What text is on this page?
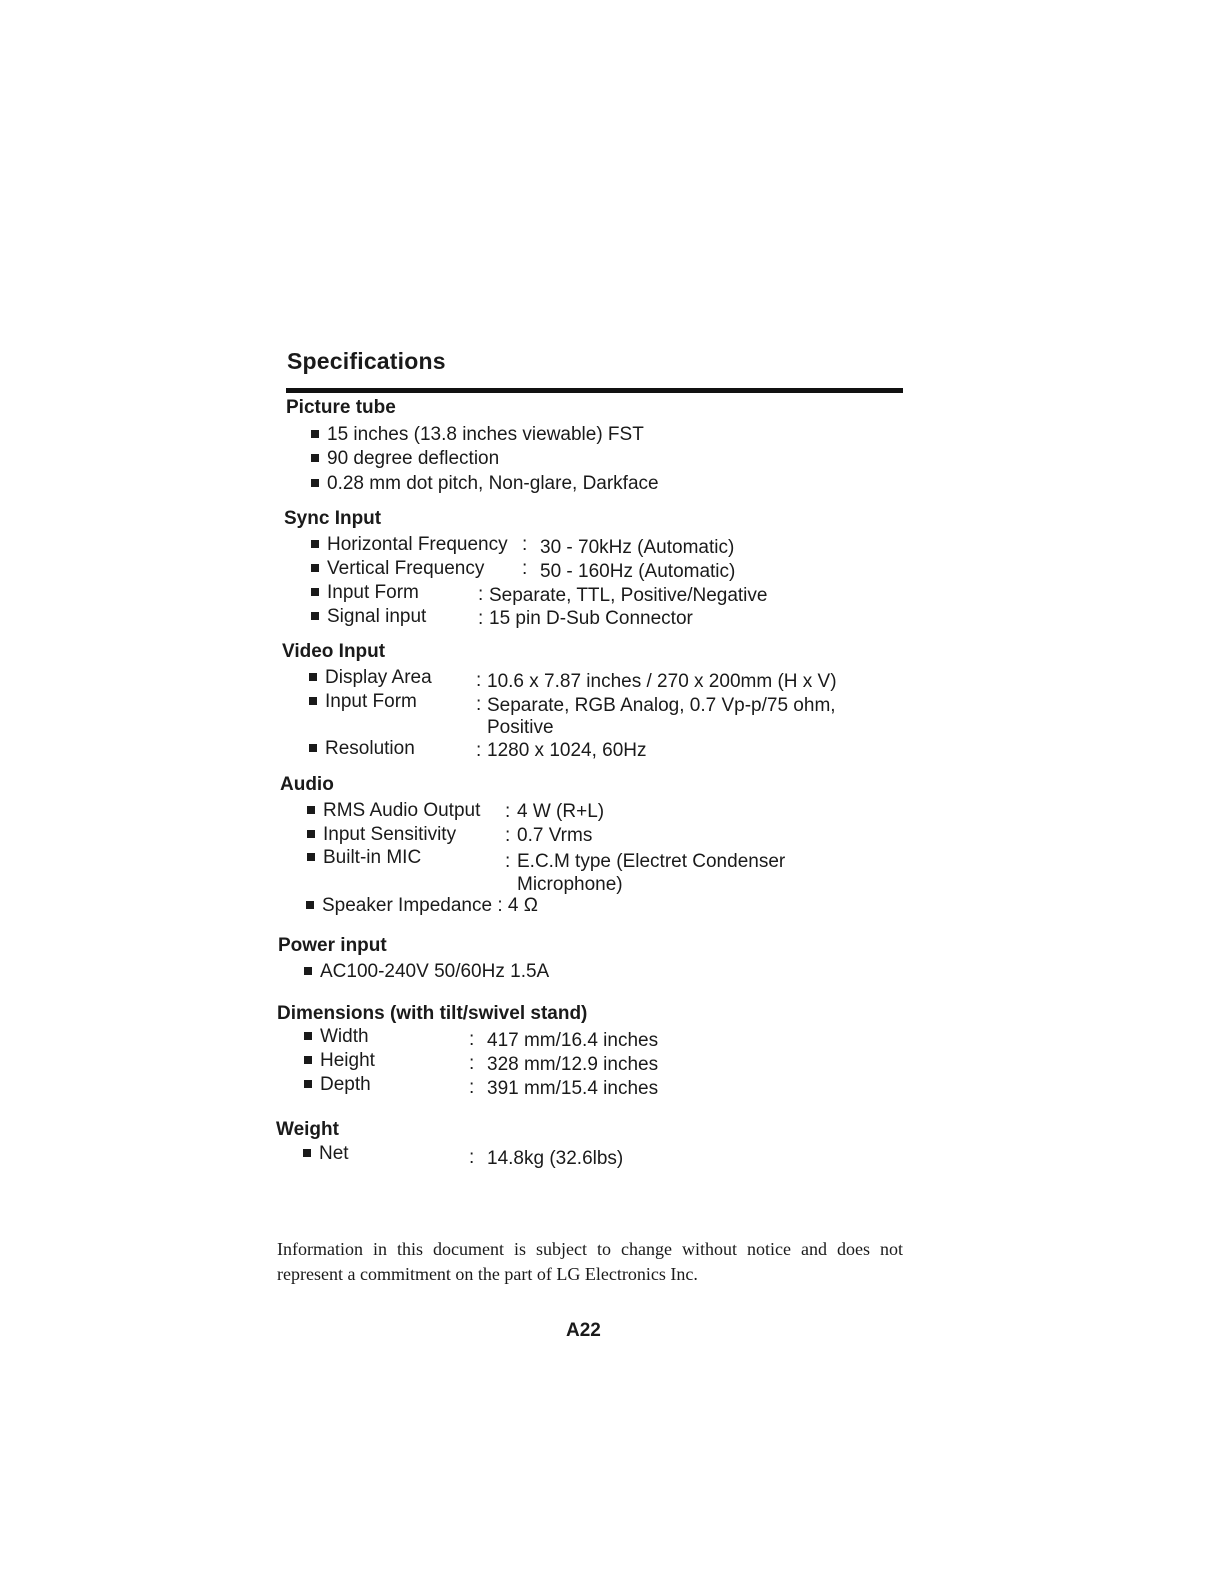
Specifications
Picture tube
15 inches (13.8 inches viewable) FST
90 degree deflection
0.28 mm dot pitch, Non-glare, Darkface
Sync Input
Horizontal Frequency : 30 - 70kHz (Automatic)
Vertical Frequency : 50 - 160Hz (Automatic)
Input Form	: Separate, TTL, Positive/Negative
Signal input	: 15 pin D-Sub Connector
Video Input
Display Area : 10.6 x 7.87 inches / 270 x 200mm (H x V)
Input Form	: Separate, RGB Analog, 0.7 Vp-p/75 ohm,
Positive
Resolution	: 1280 x 1024, 60Hz
Audio
RMS Audio Output : 4 W (R+L)
Input Sensitivity	: 0.7 Vrms
Built-in MIC	: E.C.M type (Electret Condenser
Microphone)
Speaker Impedance : 4 Ω
Power input
AC100-240V 50/60Hz 1.5A
Dimensions (with tilt/swivel stand)
Width	: 417 mm/16.4 inches
Height	: 328 mm/12.9 inches
Depth	: 391 mm/15.4 inches
Weight
Net	: 14.8kg (32.6lbs)

Information in this document is subject to change without notice and does not represent a commitment on the part of LG Electronics Inc.

A22
